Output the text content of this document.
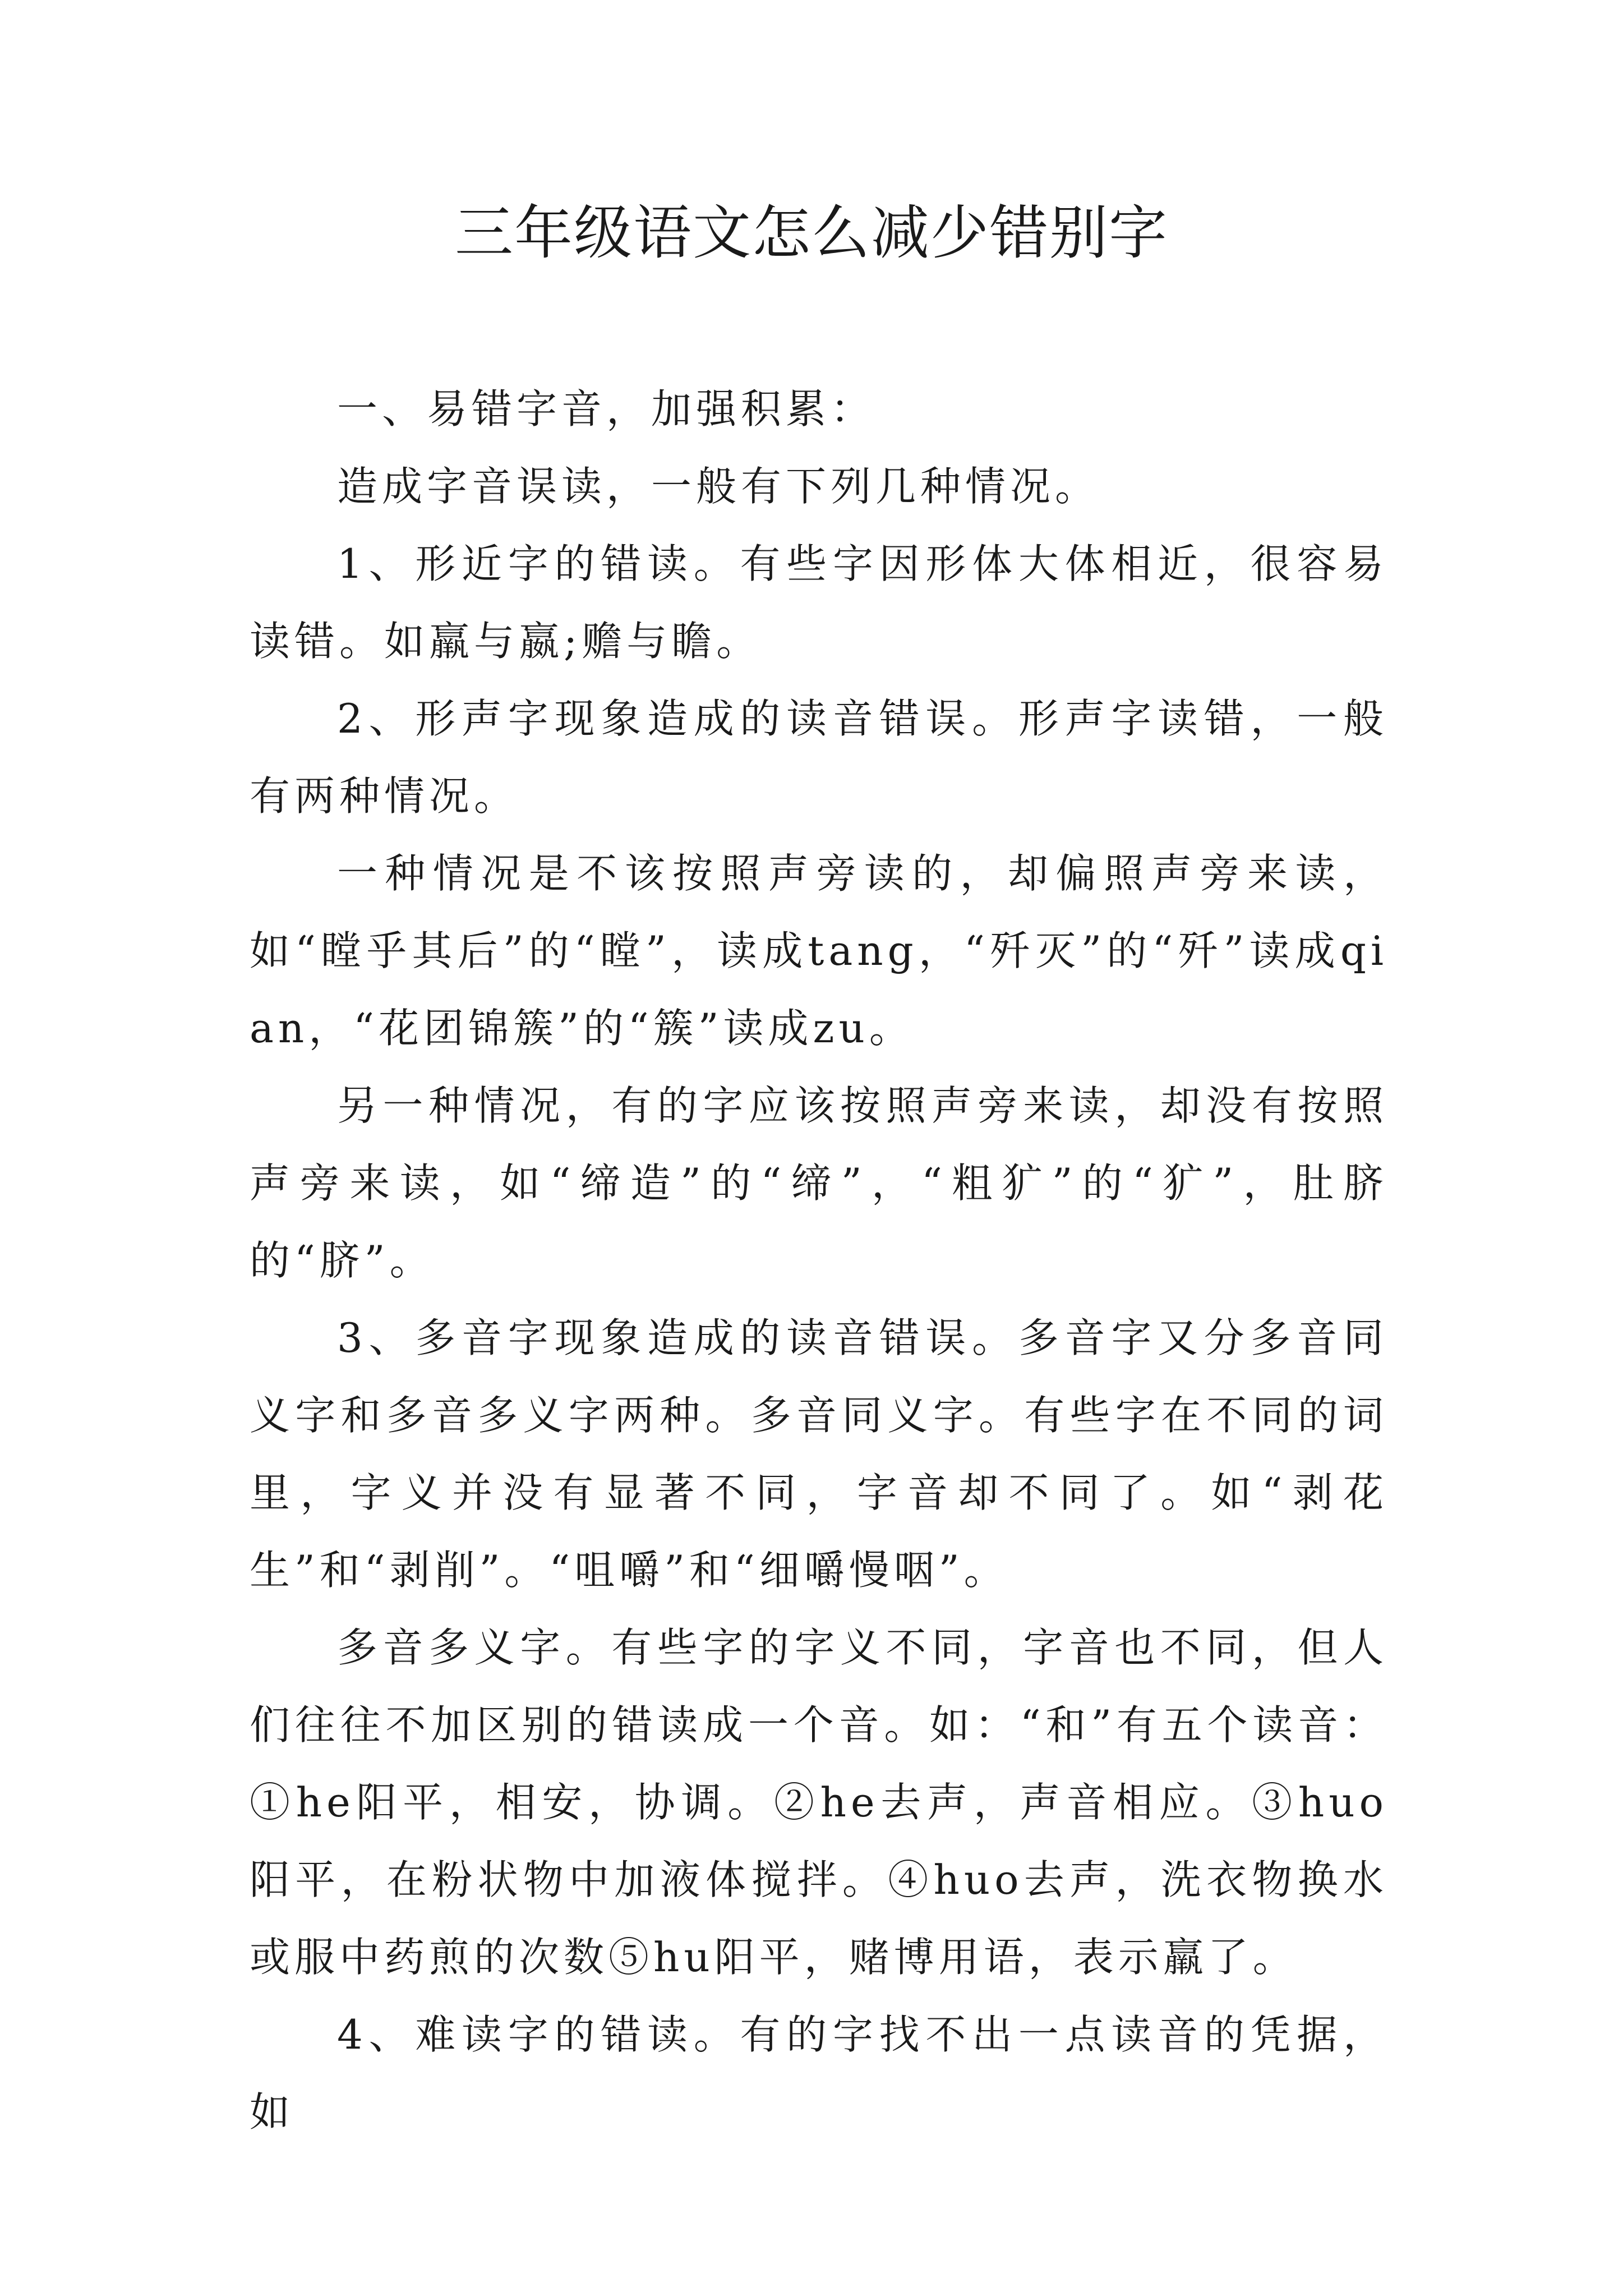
三年级语文怎么减少错别字

一、易错字音，加强积累：

造成字音误读，一般有下列几种情况。

1、形近字的错读。有些字因形体大体相近，很容易读错。如羸与嬴;赡与瞻。

2、形声字现象造成的读音错误。形声字读错，一般有两种情况。

一种情况是不该按照声旁读的，却偏照声旁来读，如“瞠乎其后”的“瞠”，读成tang，“歼灭”的“歼”读成qian，“花团锦簇”的“簇”读成zu。

另一种情况，有的字应该按照声旁来读，却没有按照声旁来读，如“缔造”的“缔”，“粗犷”的“犷”，肚脐的“脐”。

3、多音字现象造成的读音错误。多音字又分多音同义字和多音多义字两种。多音同义字。有些字在不同的词里，字义并没有显著不同，字音却不同了。如“剥花生”和“剥削”。“咀嚼”和“细嚼慢咽”。

多音多义字。有些字的字义不同，字音也不同，但人们往往不加区别的错读成一个音。如：“和”有五个读音：①he阳平，相安，协调。②he去声，声音相应。③huo阳平，在粉状物中加液体搅拌。④huo去声，洗衣物换水或服中药煎的次数⑤hu阳平，赌博用语，表示羸了。

4、难读字的错读。有的字找不出一点读音的凭据，如
